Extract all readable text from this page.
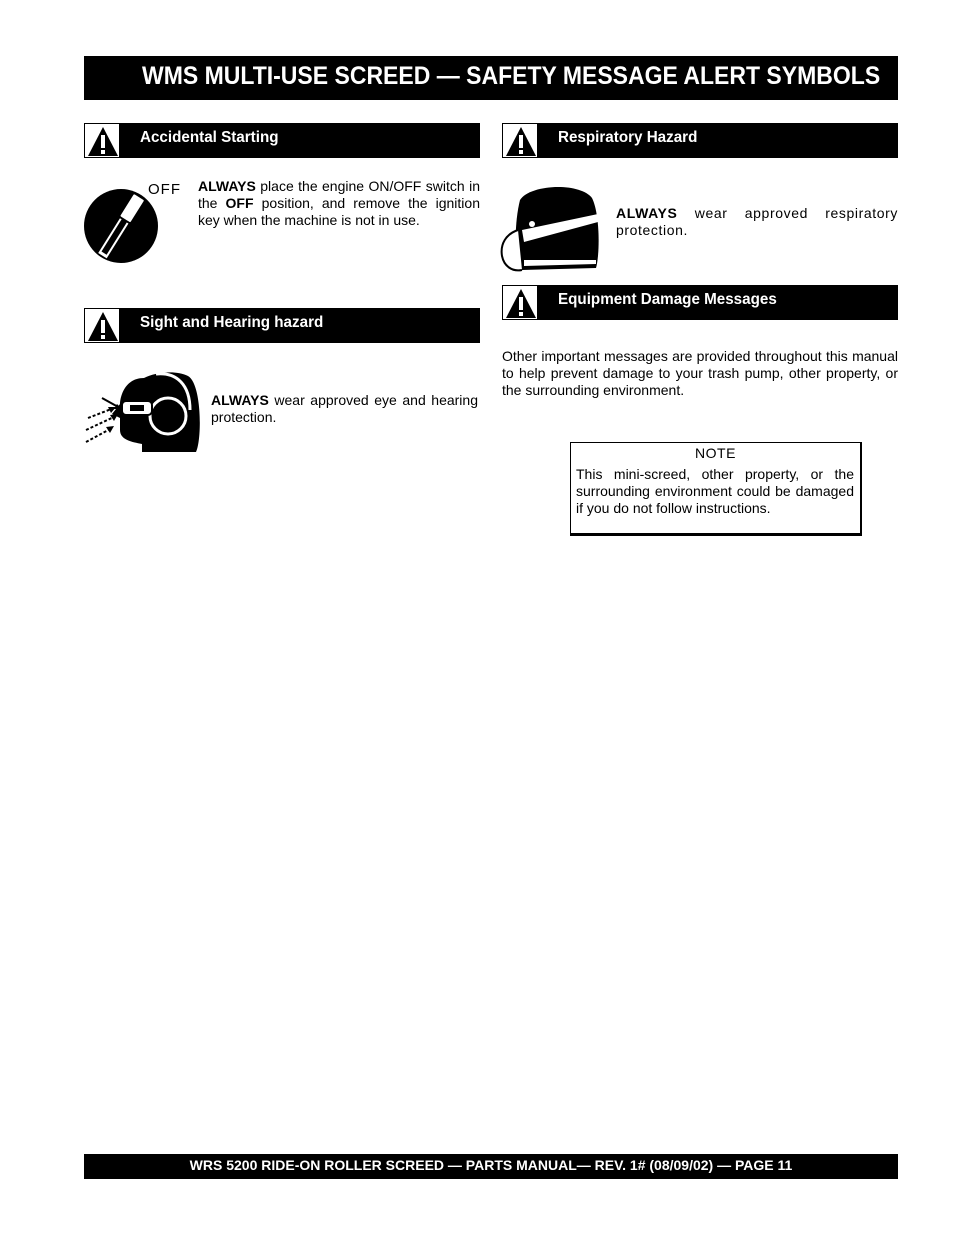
WMS MULTI-USE SCREED — SAFETY MESSAGE ALERT SYMBOLS
Accidental Starting
OFF ALWAYS place the engine ON/OFF switch in the OFF position, and remove the ignition key when the machine is not in use.
Sight and Hearing hazard
ALWAYS wear approved eye and hearing protection.
Respiratory Hazard
ALWAYS wear approved respiratory protection.
Equipment Damage Messages
Other important messages are provided throughout this manual to help prevent damage to your trash pump, other property, or the surrounding environment.
NOTE
This mini-screed, other property, or the surrounding environment could be damaged if you do not follow instructions.
WRS 5200 RIDE-ON ROLLER SCREED — PARTS MANUAL— REV. 1# (08/09/02) — PAGE 11
